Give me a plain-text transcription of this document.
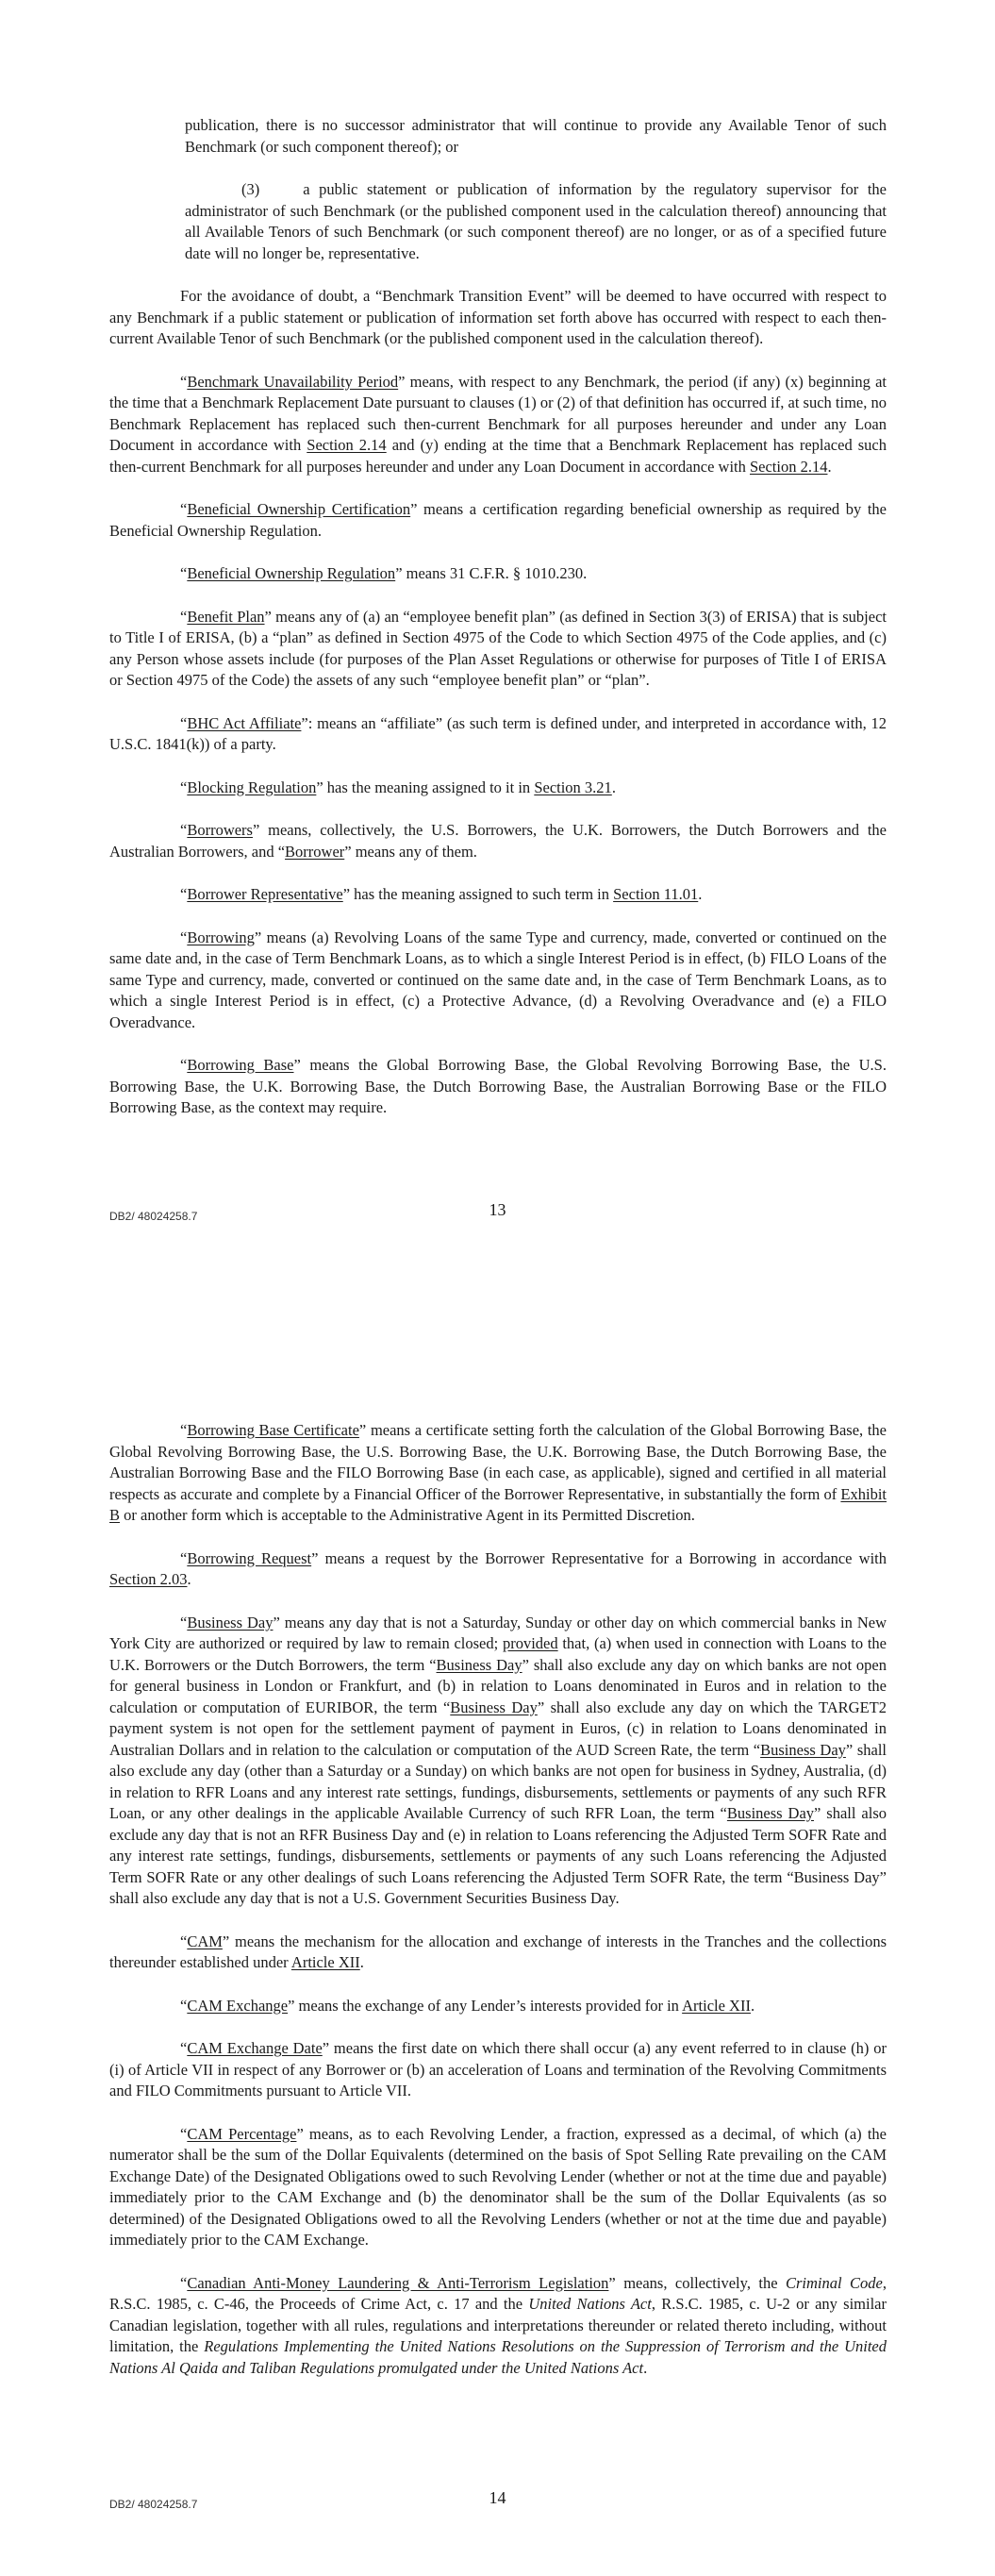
publication, there is no successor administrator that will continue to provide any Available Tenor of such Benchmark (or such component thereof); or

(3)	a public statement or publication of information by the regulatory supervisor for the administrator of such Benchmark (or the published component used in the calculation thereof) announcing that all Available Tenors of such Benchmark (or such component thereof) are no longer, or as of a specified future date will no longer be, representative.

For the avoidance of doubt, a “Benchmark Transition Event” will be deemed to have occurred with respect to any Benchmark if a public statement or publication of information set forth above has occurred with respect to each then-current Available Tenor of such Benchmark (or the published component used in the calculation thereof).

“Benchmark Unavailability Period” means, with respect to any Benchmark, the period (if any) (x) beginning at the time that a Benchmark Replacement Date pursuant to clauses (1) or (2) of that definition has occurred if, at such time, no Benchmark Replacement has replaced such then-current Benchmark for all purposes hereunder and under any Loan Document in accordance with Section 2.14 and (y) ending at the time that a Benchmark Replacement has replaced such then-current Benchmark for all purposes hereunder and under any Loan Document in accordance with Section 2.14.

“Beneficial Ownership Certification” means a certification regarding beneficial ownership as required by the Beneficial Ownership Regulation.

“Beneficial Ownership Regulation” means 31 C.F.R. § 1010.230.

“Benefit Plan” means any of (a) an “employee benefit plan” (as defined in Section 3(3) of ERISA) that is subject to Title I of ERISA, (b) a “plan” as defined in Section 4975 of the Code to which Section 4975 of the Code applies, and (c) any Person whose assets include (for purposes of the Plan Asset Regulations or otherwise for purposes of Title I of ERISA or Section 4975 of the Code) the assets of any such “employee benefit plan” or “plan”.

“BHC Act Affiliate”: means an “affiliate” (as such term is defined under, and interpreted in accordance with, 12 U.S.C. 1841(k)) of a party.

“Blocking Regulation” has the meaning assigned to it in Section 3.21.

“Borrowers” means, collectively, the U.S. Borrowers, the U.K. Borrowers, the Dutch Borrowers and the Australian Borrowers, and “Borrower” means any of them.

“Borrower Representative” has the meaning assigned to such term in Section 11.01.

“Borrowing” means (a) Revolving Loans of the same Type and currency, made, converted or continued on the same date and, in the case of Term Benchmark Loans, as to which a single Interest Period is in effect, (b) FILO Loans of the same Type and currency, made, converted or continued on the same date and, in the case of Term Benchmark Loans, as to which a single Interest Period is in effect, (c) a Protective Advance, (d) a Revolving Overadvance and (e) a FILO Overadvance.

“Borrowing Base” means the Global Borrowing Base, the Global Revolving Borrowing Base, the U.S. Borrowing Base, the U.K. Borrowing Base, the Dutch Borrowing Base, the Australian Borrowing Base or the FILO Borrowing Base, as the context may require.

DB2/ 48024258.7	13

“Borrowing Base Certificate” means a certificate setting forth the calculation of the Global Borrowing Base, the Global Revolving Borrowing Base, the U.S. Borrowing Base, the U.K. Borrowing Base, the Dutch Borrowing Base, the Australian Borrowing Base and the FILO Borrowing Base (in each case, as applicable), signed and certified in all material respects as accurate and complete by a Financial Officer of the Borrower Representative, in substantially the form of Exhibit B or another form which is acceptable to the Administrative Agent in its Permitted Discretion.

“Borrowing Request” means a request by the Borrower Representative for a Borrowing in accordance with Section 2.03.

“Business Day” means any day that is not a Saturday, Sunday or other day on which commercial banks in New York City are authorized or required by law to remain closed; provided that, (a) when used in connection with Loans to the U.K. Borrowers or the Dutch Borrowers, the term “Business Day” shall also exclude any day on which banks are not open for general business in London or Frankfurt, and (b) in relation to Loans denominated in Euros and in relation to the calculation or computation of EURIBOR, the term “Business Day” shall also exclude any day on which the TARGET2 payment system is not open for the settlement payment of payment in Euros, (c) in relation to Loans denominated in Australian Dollars and in relation to the calculation or computation of the AUD Screen Rate, the term “Business Day” shall also exclude any day (other than a Saturday or a Sunday) on which banks are not open for business in Sydney, Australia, (d) in relation to RFR Loans and any interest rate settings, fundings, disbursements, settlements or payments of any such RFR Loan, or any other dealings in the applicable Available Currency of such RFR Loan, the term “Business Day” shall also exclude any day that is not an RFR Business Day and (e) in relation to Loans referencing the Adjusted Term SOFR Rate and any interest rate settings, fundings, disbursements, settlements or payments of any such Loans referencing the Adjusted Term SOFR Rate or any other dealings of such Loans referencing the Adjusted Term SOFR Rate, the term “Business Day” shall also exclude any day that is not a U.S. Government Securities Business Day.

“CAM” means the mechanism for the allocation and exchange of interests in the Tranches and the collections thereunder established under Article XII.

“CAM Exchange” means the exchange of any Lender’s interests provided for in Article XII.

“CAM Exchange Date” means the first date on which there shall occur (a) any event referred to in clause (h) or (i) of Article VII in respect of any Borrower or (b) an acceleration of Loans and termination of the Revolving Commitments and FILO Commitments pursuant to Article VII.

“CAM Percentage” means, as to each Revolving Lender, a fraction, expressed as a decimal, of which (a) the numerator shall be the sum of the Dollar Equivalents (determined on the basis of Spot Selling Rate prevailing on the CAM Exchange Date) of the Designated Obligations owed to such Revolving Lender (whether or not at the time due and payable) immediately prior to the CAM Exchange and (b) the denominator shall be the sum of the Dollar Equivalents (as so determined) of the Designated Obligations owed to all the Revolving Lenders (whether or not at the time due and payable) immediately prior to the CAM Exchange.

“Canadian Anti-Money Laundering & Anti-Terrorism Legislation” means, collectively, the Criminal Code, R.S.C. 1985, c. C-46, the Proceeds of Crime Act, c. 17 and the United Nations Act, R.S.C. 1985, c. U-2 or any similar Canadian legislation, together with all rules, regulations and interpretations thereunder or related thereto including, without limitation, the Regulations Implementing the United Nations Resolutions on the Suppression of Terrorism and the United Nations Al Qaida and Taliban Regulations promulgated under the United Nations Act.

DB2/ 48024258.7	14
